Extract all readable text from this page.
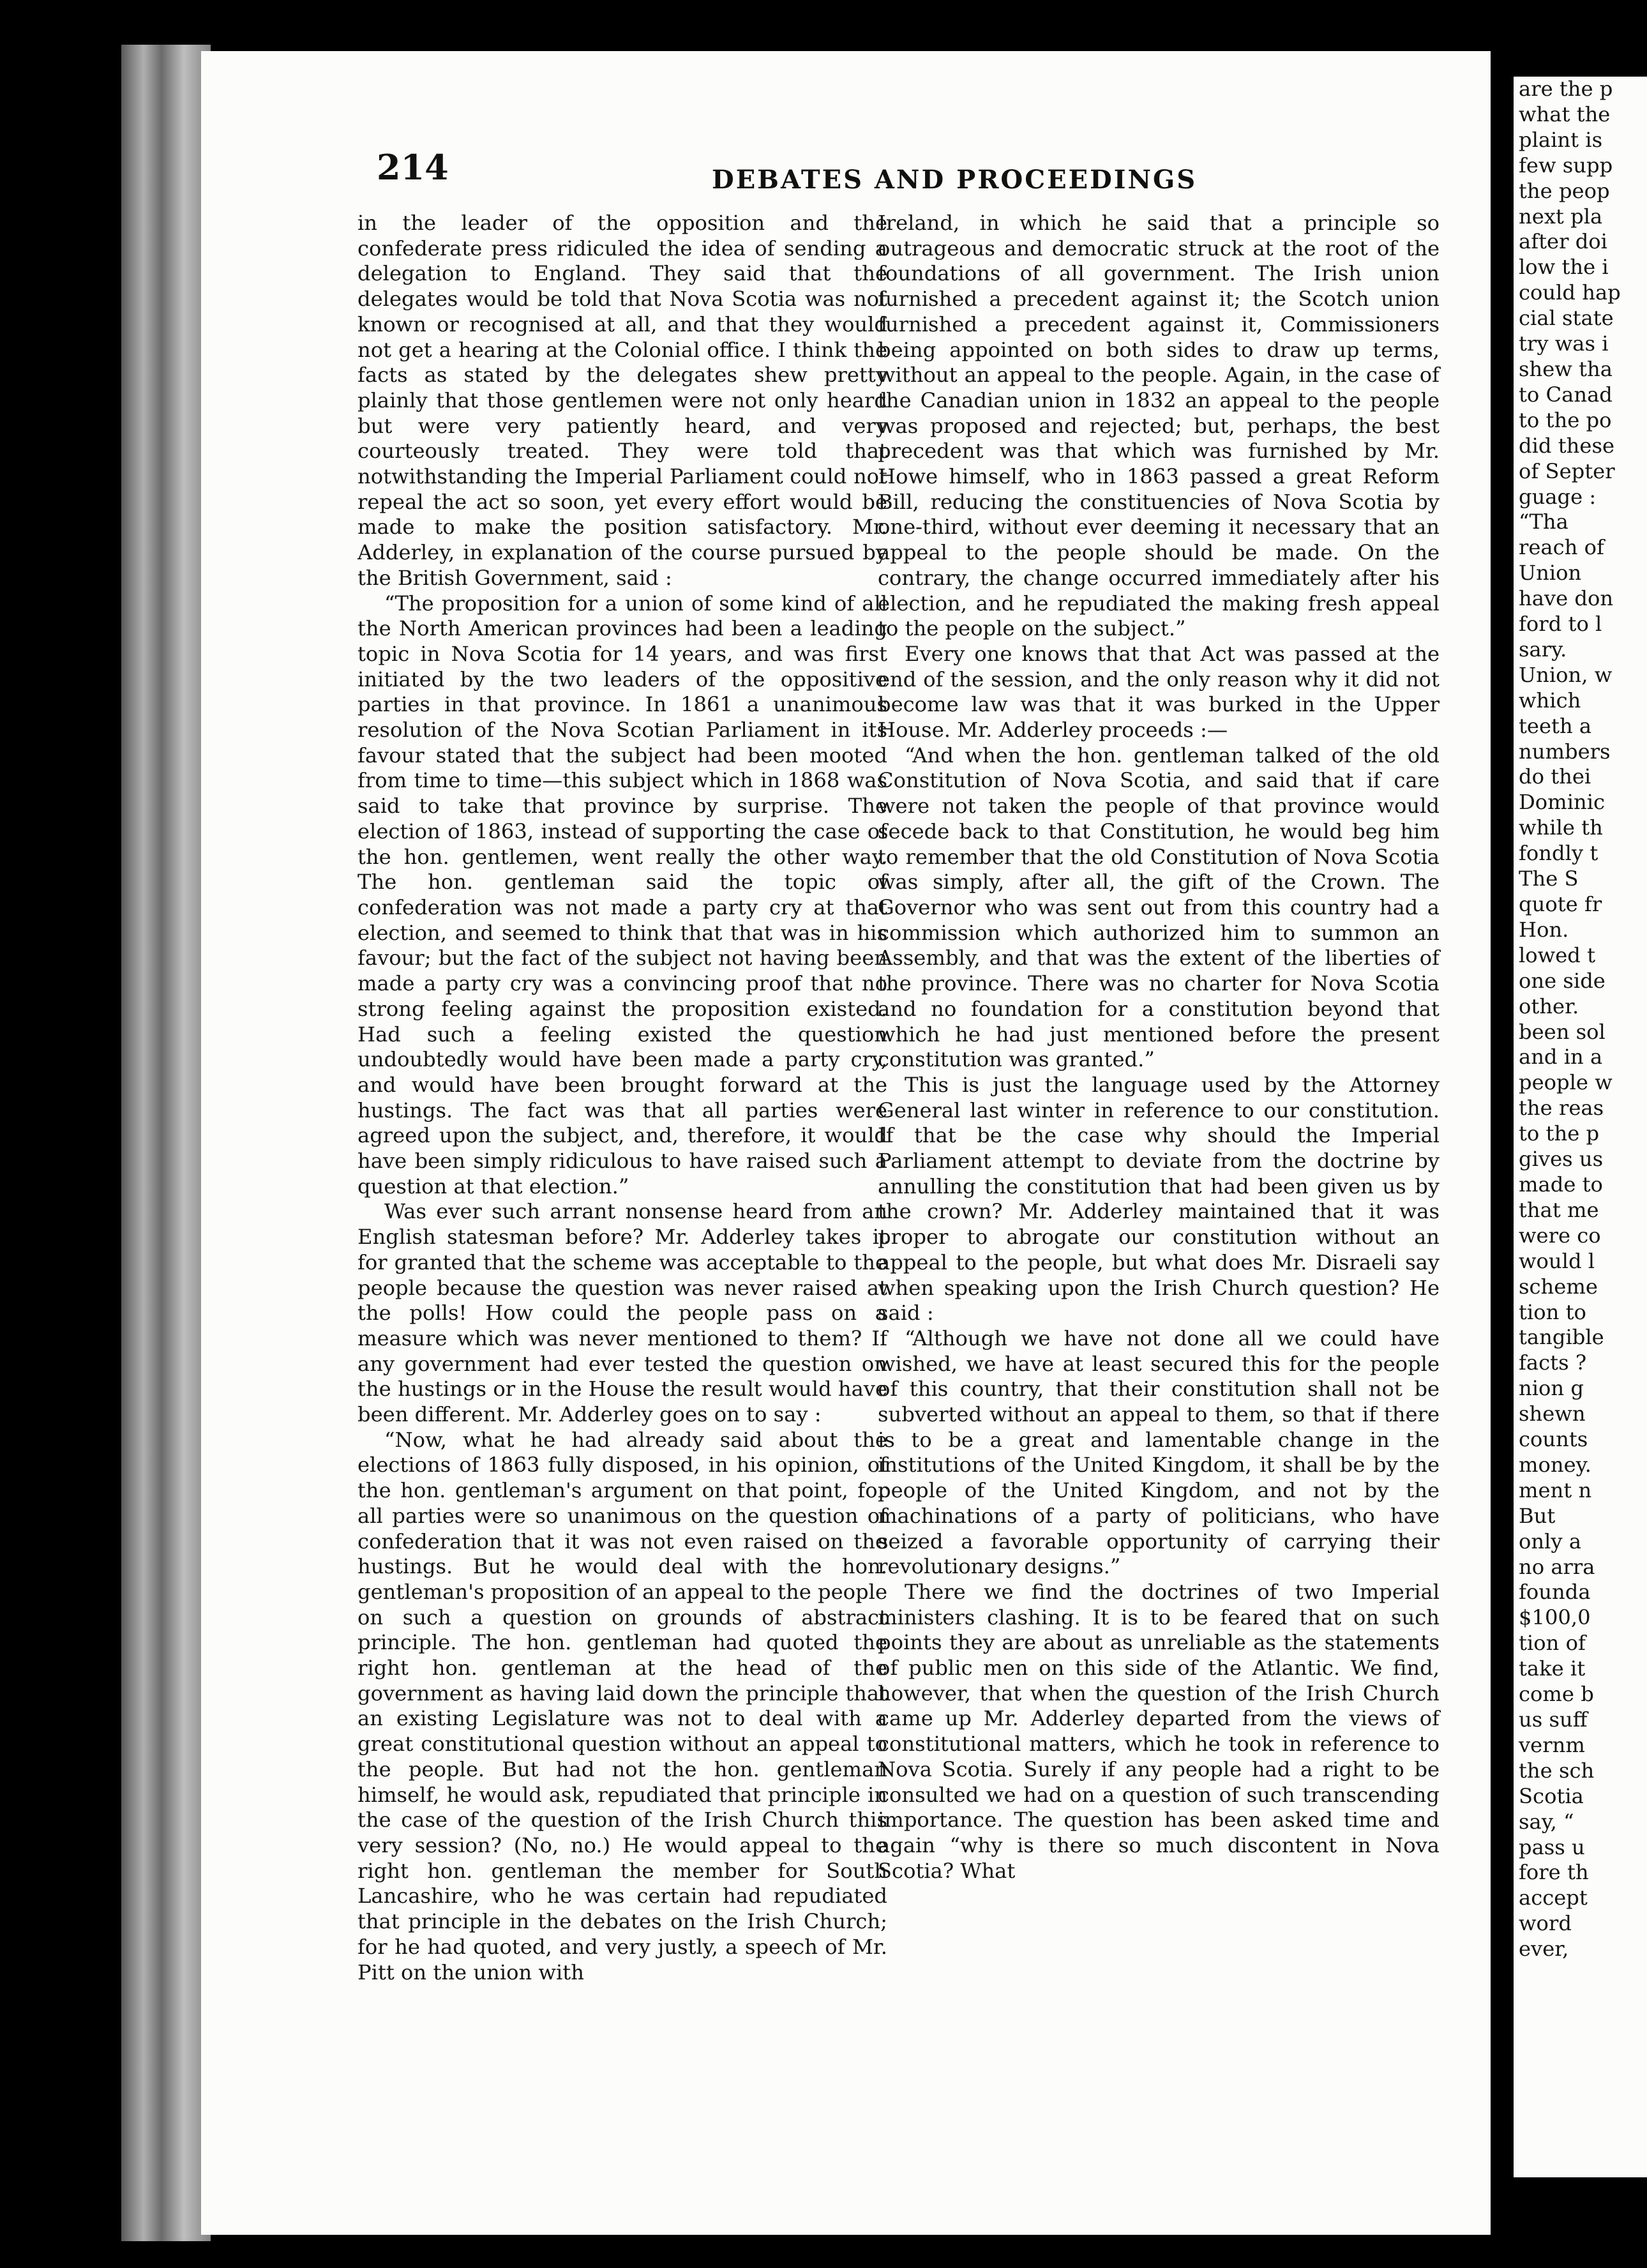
214	DEBATES AND PROCEEDINGS

in the leader of the opposition and the confederate press ridiculed the idea of sending a delegation to England. They said that the delegates would be told that Nova Scotia was not known or recognised at all, and that they would not get a hearing at the Colonial office. I think the facts as stated by the delegates shew pretty plainly that those gentlemen were not only heard but were very patiently heard, and very courteously treated. They were told that notwithstanding the Imperial Parliament could not repeal the act so soon, yet every effort would be made to make the position satisfactory. Mr. Adderley, in explanation of the course pursued by the British Government, said :

“The proposition for a union of some kind of all the North American provinces had been a leading topic in Nova Scotia for 14 years, and was first initiated by the two leaders of the oppositive parties in that province. In 1861 a unanimous resolution of the Nova Scotian Parliament in its favour stated that the subject had been mooted from time to time—this subject which in 1868 was said to take that province by surprise. The election of 1863, instead of supporting the case of the hon. gentlemen, went really the other way. The hon. gentleman said the topic of confederation was not made a party cry at that election, and seemed to think that that was in his favour; but the fact of the subject not having been made a party cry was a convincing proof that no strong feeling against the proposition existed. Had such a feeling existed the question undoubtedly would have been made a party cry, and would have been brought forward at the hustings. The fact was that all parties were agreed upon the subject, and, therefore, it would have been simply ridiculous to have raised such a question at that election.”

Was ever such arrant nonsense heard from an English statesman before? Mr. Adderley takes it for granted that the scheme was acceptable to the people because the question was never raised at the polls! How could the people pass on a measure which was never mentioned to them? If any government had ever tested the question on the hustings or in the House the result would have been different. Mr. Adderley goes on to say :

“Now, what he had already said about the elections of 1863 fully disposed, in his opinion, of the hon. gentleman's argument on that point, for all parties were so unanimous on the question of confederation that it was not even raised on the hustings. But he would deal with the hon. gentleman's proposition of an appeal to the people on such a question on grounds of abstract principle. The hon. gentleman had quoted the right hon. gentleman at the head of the government as having laid down the principle that an existing Legislature was not to deal with a great constitutional question without an appeal to the people. But had not the hon. gentleman himself, he would ask, repudiated that principle in the case of the question of the Irish Church this very session? (No, no.) He would appeal to the right hon. gentleman the member for South Lancashire, who he was certain had repudiated that principle in the debates on the Irish Church; for he had quoted, and very justly, a speech of Mr. Pitt on the union with

Ireland, in which he said that a principle so outrageous and democratic struck at the root of the foundations of all government. The Irish union furnished a precedent against it; the Scotch union furnished a precedent against it, Commissioners being appointed on both sides to draw up terms, without an appeal to the people. Again, in the case of the Canadian union in 1832 an appeal to the people was proposed and rejected; but, perhaps, the best precedent was that which was furnished by Mr. Howe himself, who in 1863 passed a great Reform Bill, reducing the constituencies of Nova Scotia by one-third, without ever deeming it necessary that an appeal to the people should be made. On the contrary, the change occurred immediately after his election, and he repudiated the making fresh appeal to the people on the subject.”

Every one knows that that Act was passed at the end of the session, and the only reason why it did not become law was that it was burked in the Upper House. Mr. Adderley proceeds :—

“And when the hon. gentleman talked of the old Constitution of Nova Scotia, and said that if care were not taken the people of that province would secede back to that Constitution, he would beg him to remember that the old Constitution of Nova Scotia was simply, after all, the gift of the Crown. The Governor who was sent out from this country had a commission which authorized him to summon an Assembly, and that was the extent of the liberties of the province. There was no charter for Nova Scotia and no foundation for a constitution beyond that which he had just mentioned before the present constitution was granted.”

This is just the language used by the Attorney General last winter in reference to our constitution. If that be the case why should the Imperial Parliament attempt to deviate from the doctrine by annulling the constitution that had been given us by the crown? Mr. Adderley maintained that it was proper to abrogate our constitution without an appeal to the people, but what does Mr. Disraeli say when speaking upon the Irish Church question? He said :

“Although we have not done all we could have wished, we have at least secured this for the people of this country, that their constitution shall not be subverted without an appeal to them, so that if there is to be a great and lamentable change in the institutions of the United Kingdom, it shall be by the people of the United Kingdom, and not by the machinations of a party of politicians, who have seized a favorable opportunity of carrying their revolutionary designs.”

There we find the doctrines of two Imperial ministers clashing. It is to be feared that on such points they are about as unreliable as the statements of public men on this side of the Atlantic. We find, however, that when the question of the Irish Church came up Mr. Adderley departed from the views of constitutional matters, which he took in reference to Nova Scotia. Surely if any people had a right to be consulted we had on a question of such transcending importance. The question has been asked time and again “why is there so much discontent in Nova Scotia? What

are the p
what the
plaint is
few supp
the peop
next pla
after doi
low the i
could hap
cial state
try was i
shew tha
to Canad
to the po
did these
of Septer
guage :
“Tha
reach of
Union
have don
ford to l
sary.
Union, w
which
teeth a
numbers
do thei
Dominic
while th
fondly t
The S
quote fr
Hon.
lowed t
one side
other.
been sol
and in a
people w
the reas
to the p
gives us
made to
that me
were co
would l
scheme
tion to
tangible
facts ?
nion g
shewn
counts
money.
ment n
But
only a
no arra
founda
$100,0
tion of
take it
come b
us suff
vernm
the sch
Scotia
say, “
pass u
fore th
accept
word
ever,
